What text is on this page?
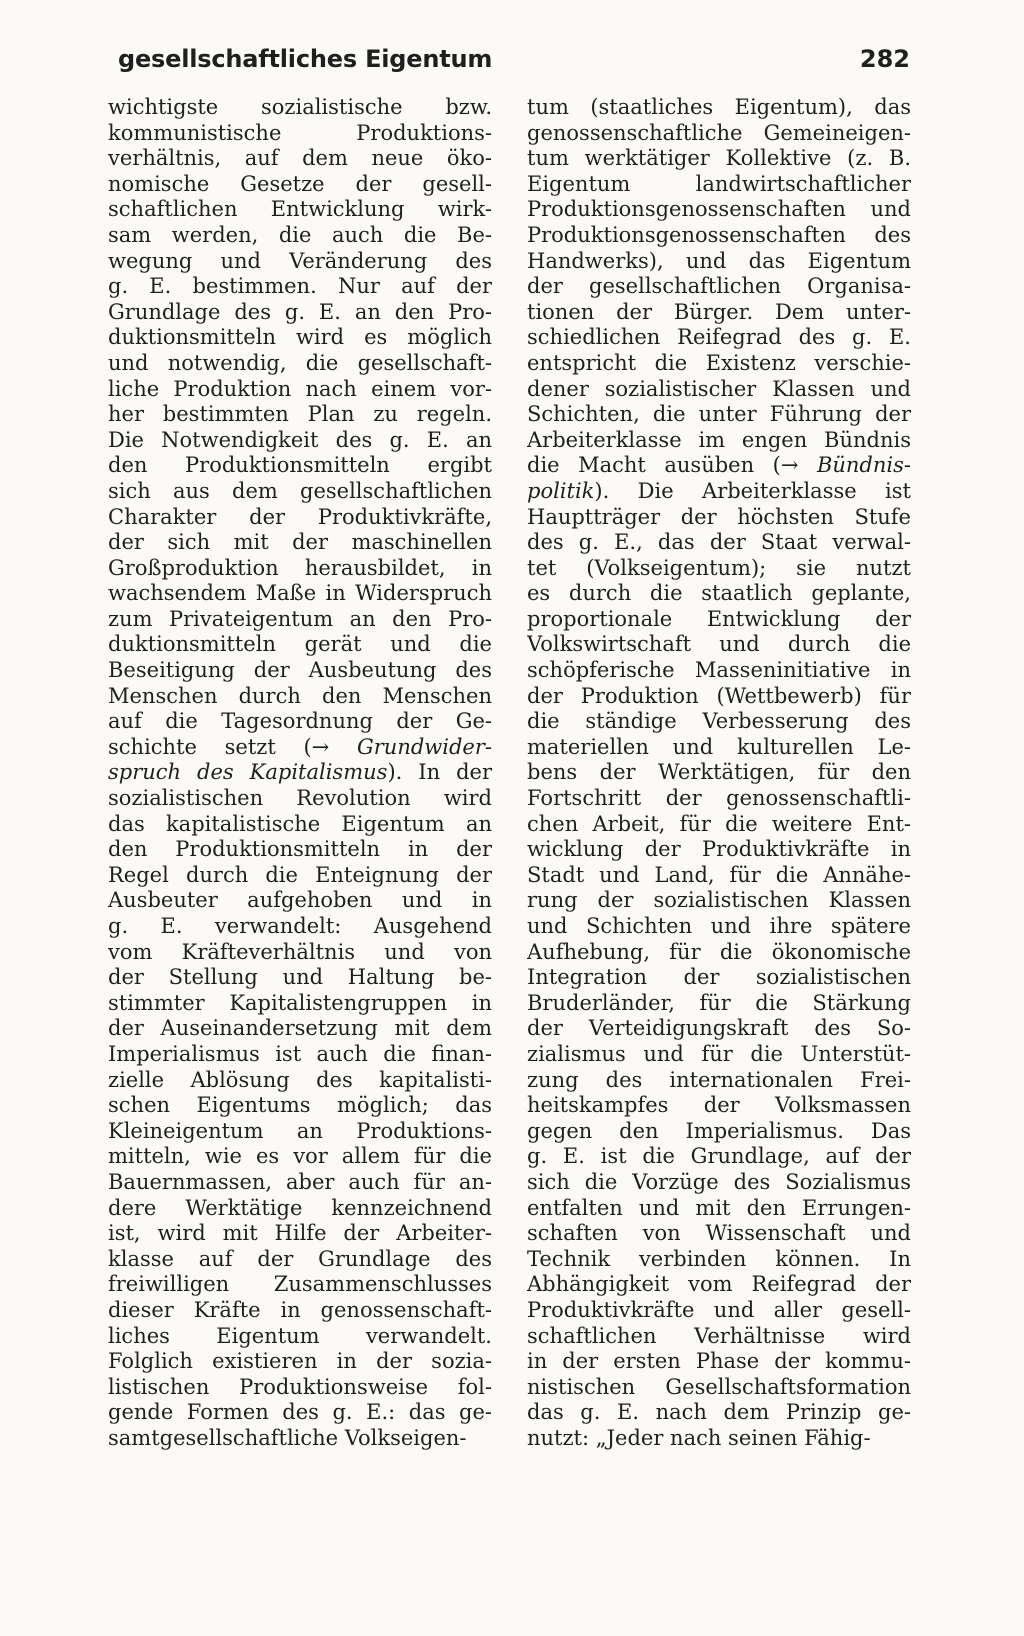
gesellschaftliches Eigentum	282
wichtigste sozialistische bzw.
kommunistische Produktions-
verhältnis, auf dem neue öko-
nomische Gesetze der gesell-
schaftlichen Entwicklung wirk-
sam werden, die auch die Be-
wegung und Veränderung des
g. E. bestimmen. Nur auf der
Grundlage des g. E. an den Pro-
duktionsmitteln wird es möglich
und notwendig, die gesellschaft-
liche Produktion nach einem vor-
her bestimmten Plan zu regeln.
Die Notwendigkeit des g. E. an
den Produktionsmitteln ergibt
sich aus dem gesellschaftlichen
Charakter der Produktivkräfte,
der sich mit der maschinellen
Großproduktion herausbildet, in
wachsendem Maße in Widerspruch
zum Privateigentum an den Pro-
duktionsmitteln gerät und die
Beseitigung der Ausbeutung des
Menschen durch den Menschen
auf die Tagesordnung der Ge-
schichte setzt (→ Grundwider-
spruch des Kapitalismus). In der
sozialistischen Revolution wird
das kapitalistische Eigentum an
den Produktionsmitteln in der
Regel durch die Enteignung der
Ausbeuter aufgehoben und in
g. E. verwandelt: Ausgehend
vom Kräfteverhältnis und von
der Stellung und Haltung be-
stimmter Kapitalistengruppen in
der Auseinandersetzung mit dem
Imperialismus ist auch die finan-
zielle Ablösung des kapitalisti-
schen Eigentums möglich; das
Kleineigentum an Produktions-
mitteln, wie es vor allem für die
Bauernmassen, aber auch für an-
dere Werktätige kennzeichnend
ist, wird mit Hilfe der Arbeiter-
klasse auf der Grundlage des
freiwilligen Zusammenschlusses
dieser Kräfte in genossenschaft-
liches Eigentum verwandelt.
Folglich existieren in der sozia-
listischen Produktionsweise fol-
gende Formen des g. E.: das ge-
samtgesellschaftliche Volkseigen-
tum (staatliches Eigentum), das
genossenschaftliche Gemeineigen-
tum werktätiger Kollektive (z. B.
Eigentum landwirtschaftlicher
Produktionsgenossenschaften und
Produktionsgenossenschaften des
Handwerks), und das Eigentum
der gesellschaftlichen Organisa-
tionen der Bürger. Dem unter-
schiedlichen Reifegrad des g. E.
entspricht die Existenz verschie-
dener sozialistischer Klassen und
Schichten, die unter Führung der
Arbeiterklasse im engen Bündnis
die Macht ausüben (→ Bündnis-
politik). Die Arbeiterklasse ist
Hauptträger der höchsten Stufe
des g. E., das der Staat verwal-
tet (Volkseigentum); sie nutzt
es durch die staatlich geplante,
proportionale Entwicklung der
Volkswirtschaft und durch die
schöpferische Masseninitiative in
der Produktion (Wettbewerb) für
die ständige Verbesserung des
materiellen und kulturellen Le-
bens der Werktätigen, für den
Fortschritt der genossenschaftli-
chen Arbeit, für die weitere Ent-
wicklung der Produktivkräfte in
Stadt und Land, für die Annähe-
rung der sozialistischen Klassen
und Schichten und ihre spätere
Aufhebung, für die ökonomische
Integration der sozialistischen
Bruderländer, für die Stärkung
der Verteidigungskraft des So-
zialismus und für die Unterstüt-
zung des internationalen Frei-
heitskampfes der Volksmassen
gegen den Imperialismus. Das
g. E. ist die Grundlage, auf der
sich die Vorzüge des Sozialismus
entfalten und mit den Errungen-
schaften von Wissenschaft und
Technik verbinden können. In
Abhängigkeit vom Reifegrad der
Produktivkräfte und aller gesell-
schaftlichen Verhältnisse wird
in der ersten Phase der kommu-
nistischen Gesellschaftsformation
das g. E. nach dem Prinzip ge-
nutzt: „Jeder nach seinen Fähig-
